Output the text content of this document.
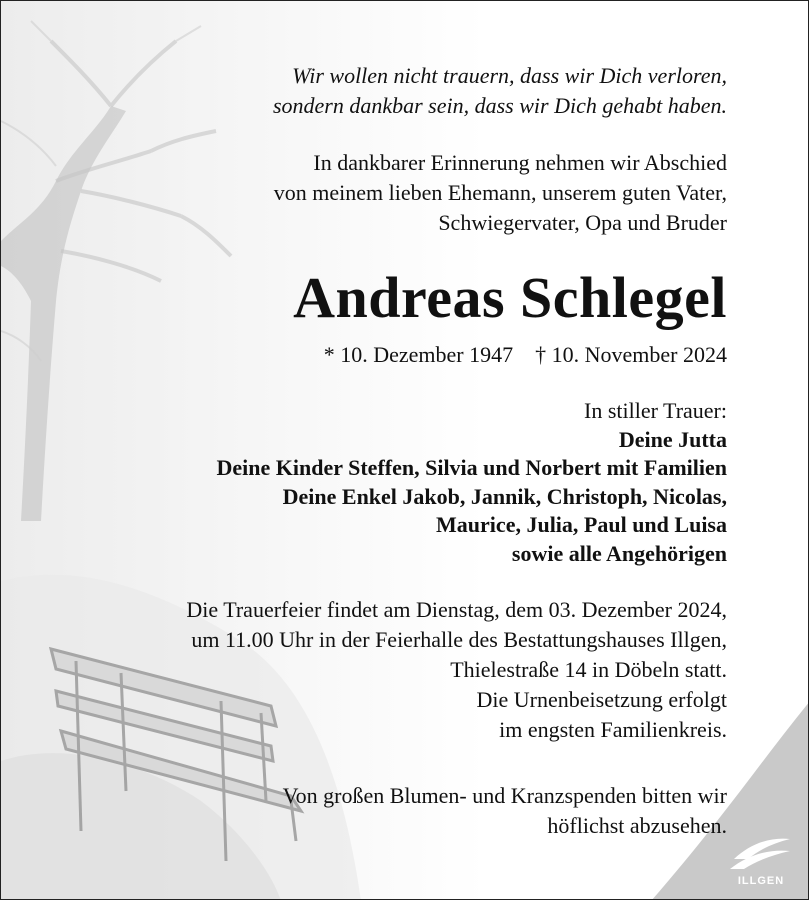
Wir wollen nicht trauern, dass wir Dich verloren,
sondern dankbar sein, dass wir Dich gehabt haben.
In dankbarer Erinnerung nehmen wir Abschied
von meinem lieben Ehemann, unserem guten Vater,
Schwiegervater, Opa und Bruder
Andreas Schlegel
* 10. Dezember 1947 † 10. November 2024
In stiller Trauer:
Deine Jutta
Deine Kinder Steffen, Silvia und Norbert mit Familien
Deine Enkel Jakob, Jannik, Christoph, Nicolas,
Maurice, Julia, Paul und Luisa
sowie alle Angehörigen
Die Trauerfeier findet am Dienstag, dem 03. Dezember 2024,
um 11.00 Uhr in der Feierhalle des Bestattungshauses Illgen,
Thielestraße 14 in Döbeln statt.
Die Urnenbeisetzung erfolgt
im engsten Familienkreis.
Von großen Blumen- und Kranzspenden bitten wir
höflichst abzusehen.
ILLGEN
